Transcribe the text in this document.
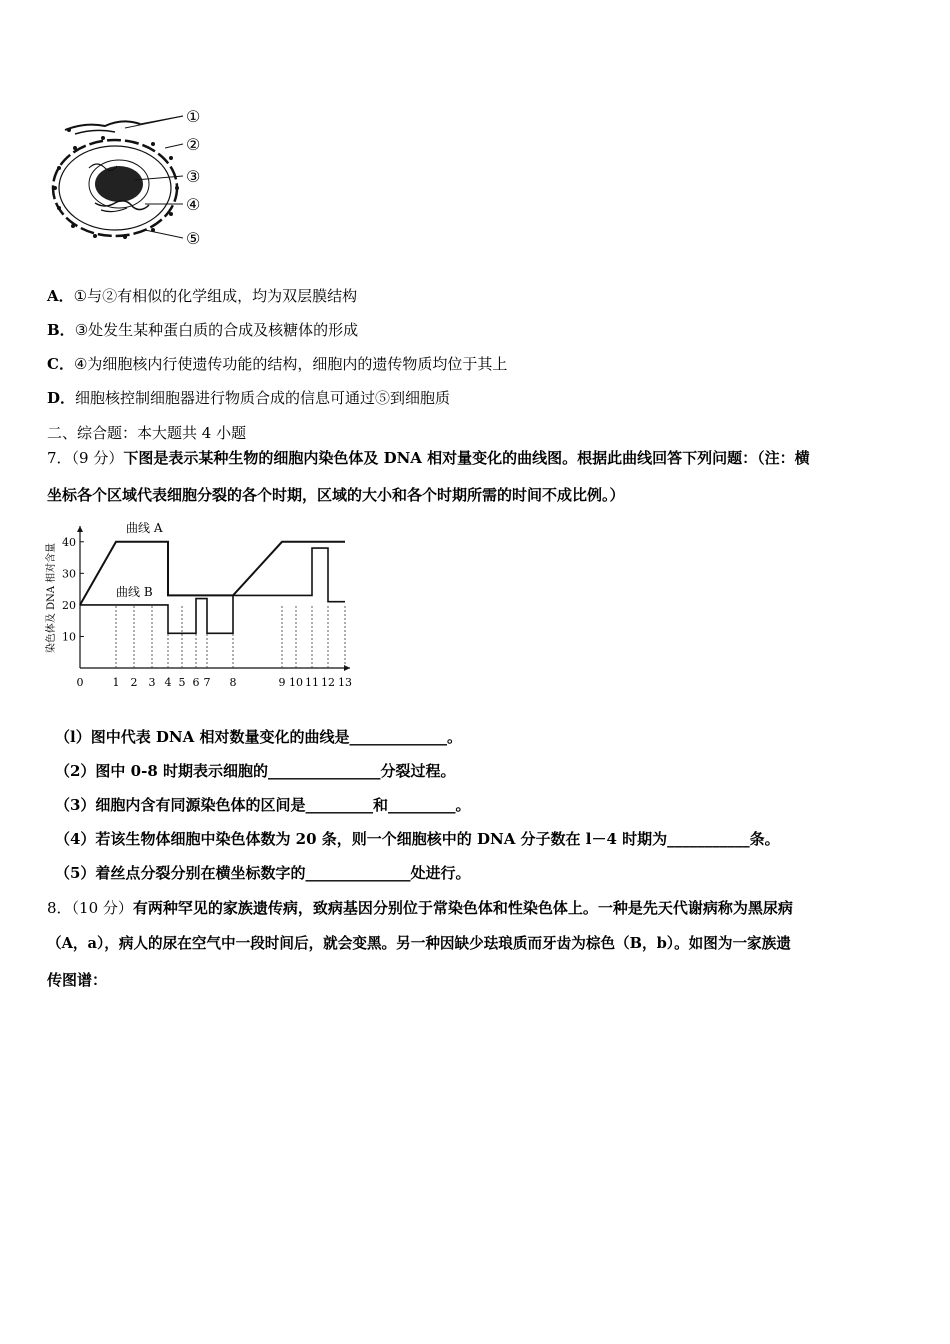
①
②
③
④
⑤
A．①与②有相似的化学组成，均为双层膜结构
B．③处发生某种蛋白质的合成及核糖体的形成
C．④为细胞核内行使遗传功能的结构，细胞内的遗传物质均位于其上
D．细胞核控制细胞器进行物质合成的信息可通过⑤到细胞质
二、综合题：本大题共 4 小题
7．（9 分）下图是表示某种生物的细胞内染色体及 DNA 相对量变化的曲线图。根据此曲线回答下列问题：（注：横
坐标各个区域代表细胞分裂的各个时期，区域的大小和各个时期所需的时间不成比例。）
10
20
30
40
0	1 2 3 4 5 6 7 8	9 10 11 12 13
曲线 A
曲线 B
染色体及 DNA 相对含量
（l）图中代表 DNA 相对数量变化的曲线是_____________。
（2）图中 0-8 时期表示细胞的_______________分裂过程。
（3）细胞内含有同源染色体的区间是_________和_________。
（4）若该生物体细胞中染色体数为 20 条，则一个细胞核中的 DNA 分子数在 l－4 时期为___________条。
（5）着丝点分裂分别在横坐标数字的______________处进行。
8．（10 分）有两种罕见的家族遗传病，致病基因分别位于常染色体和性染色体上。一种是先天代谢病称为黑尿病
（A，a），病人的尿在空气中一段时间后，就会变黑。另一种因缺少珐琅质而牙齿为棕色（B，b）。如图为一家族遗
传图谱：
